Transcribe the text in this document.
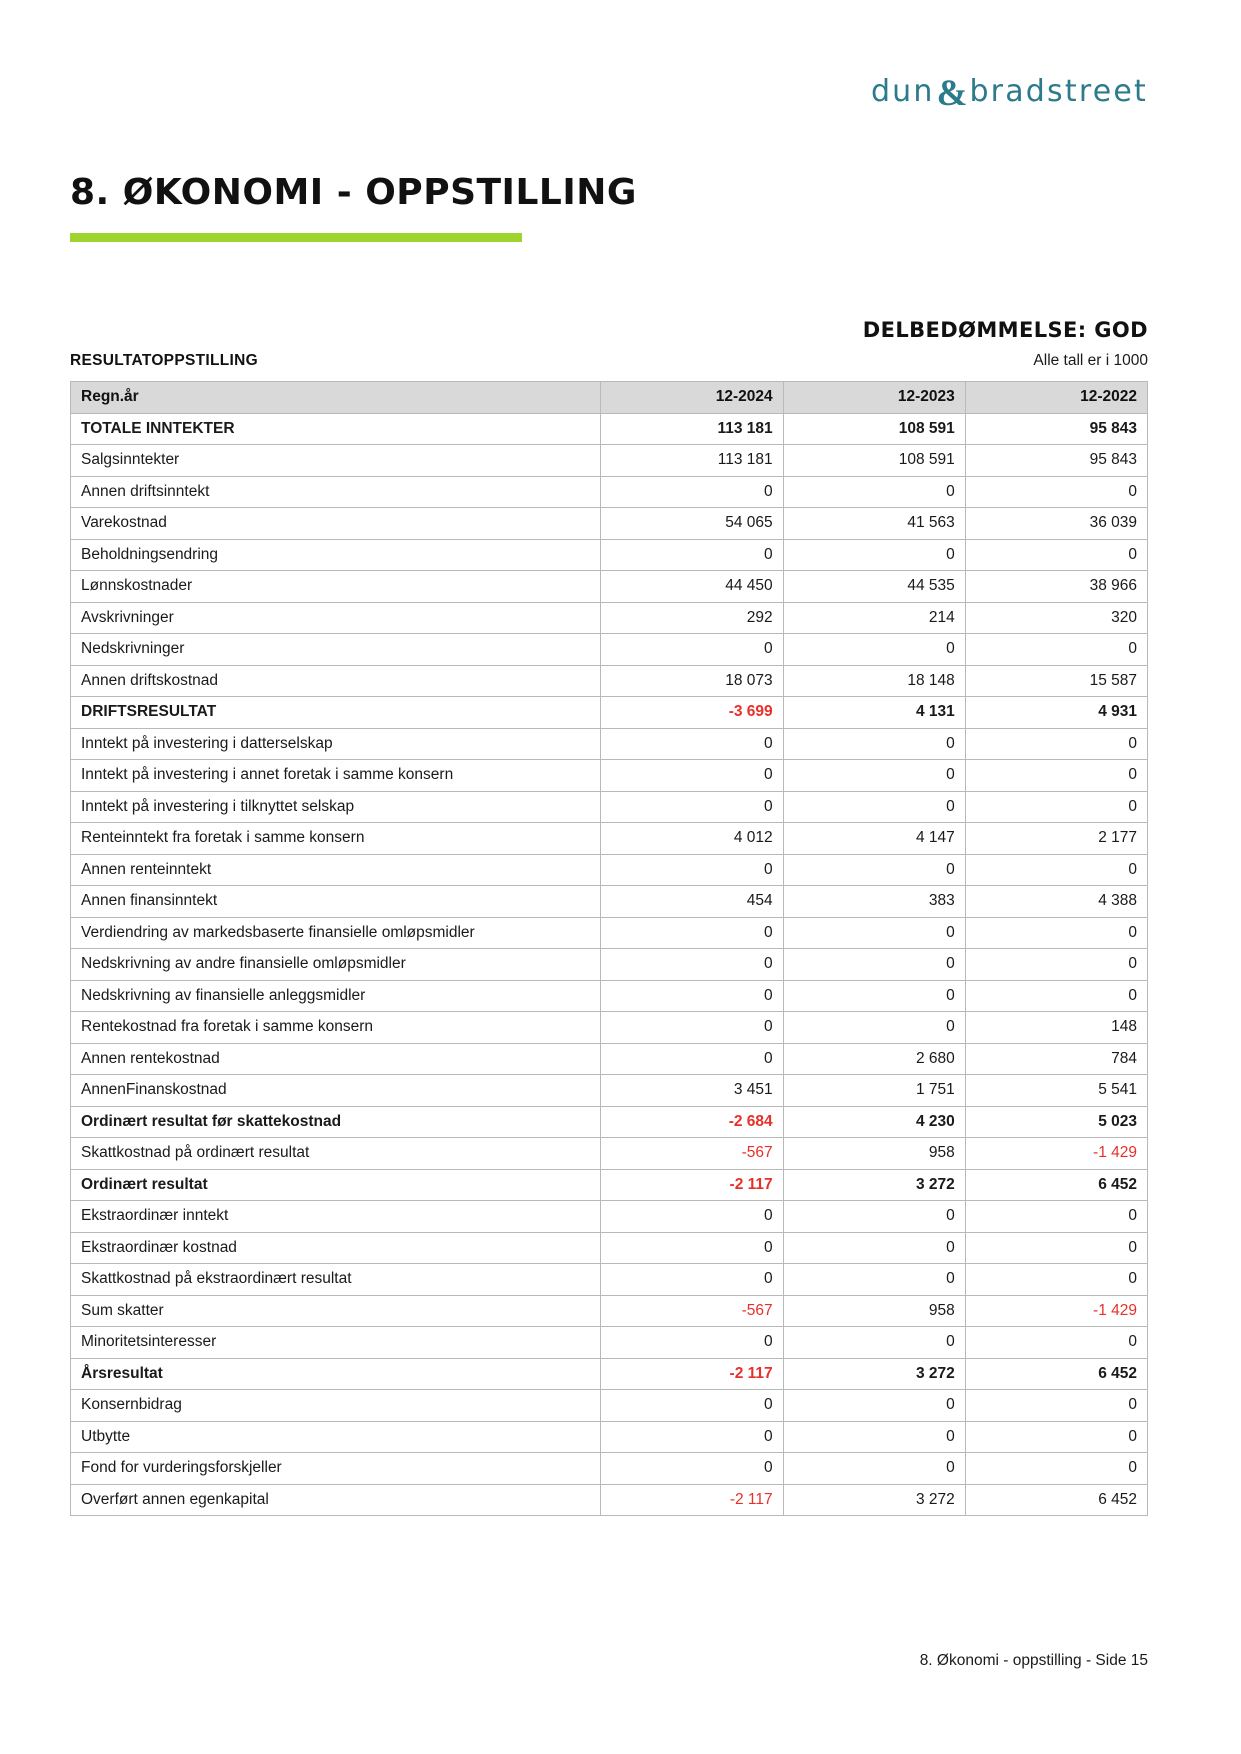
dun & bradstreet
8. ØKONOMI - OPPSTILLING
DELBEDØMMELSE: GOD
RESULTATOPPSTILLING	Alle tall er i 1000
Regn.år	12-2024	12-2023	12-2022
TOTALE INNTEKTER	113 181	108 591	95 843
Salgsinntekter	113 181	108 591	95 843
Annen driftsinntekt	0	0	0
Varekostnad	54 065	41 563	36 039
Beholdningsendring	0	0	0
Lønnskostnader	44 450	44 535	38 966
Avskrivninger	292	214	320
Nedskrivninger	0	0	0
Annen driftskostnad	18 073	18 148	15 587
DRIFTSRESULTAT	-3 699	4 131	4 931
Inntekt på investering i datterselskap	0	0	0
Inntekt på investering i annet foretak i samme konsern	0	0	0
Inntekt på investering i tilknyttet selskap	0	0	0
Renteinntekt fra foretak i samme konsern	4 012	4 147	2 177
Annen renteinntekt	0	0	0
Annen finansinntekt	454	383	4 388
Verdiendring av markedsbaserte finansielle omløpsmidler	0	0	0
Nedskrivning av andre finansielle omløpsmidler	0	0	0
Nedskrivning av finansielle anleggsmidler	0	0	0
Rentekostnad fra foretak i samme konsern	0	0	148
Annen rentekostnad	0	2 680	784
AnnenFinanskostnad	3 451	1 751	5 541
Ordinært resultat før skattekostnad	-2 684	4 230	5 023
Skattkostnad på ordinært resultat	-567	958	-1 429
Ordinært resultat	-2 117	3 272	6 452
Ekstraordinær inntekt	0	0	0
Ekstraordinær kostnad	0	0	0
Skattkostnad på ekstraordinært resultat	0	0	0
Sum skatter	-567	958	-1 429
Minoritetsinteresser	0	0	0
Årsresultat	-2 117	3 272	6 452
Konsernbidrag	0	0	0
Utbytte	0	0	0
Fond for vurderingsforskjeller	0	0	0
Overført annen egenkapital	-2 117	3 272	6 452
8. Økonomi - oppstilling - Side 15
